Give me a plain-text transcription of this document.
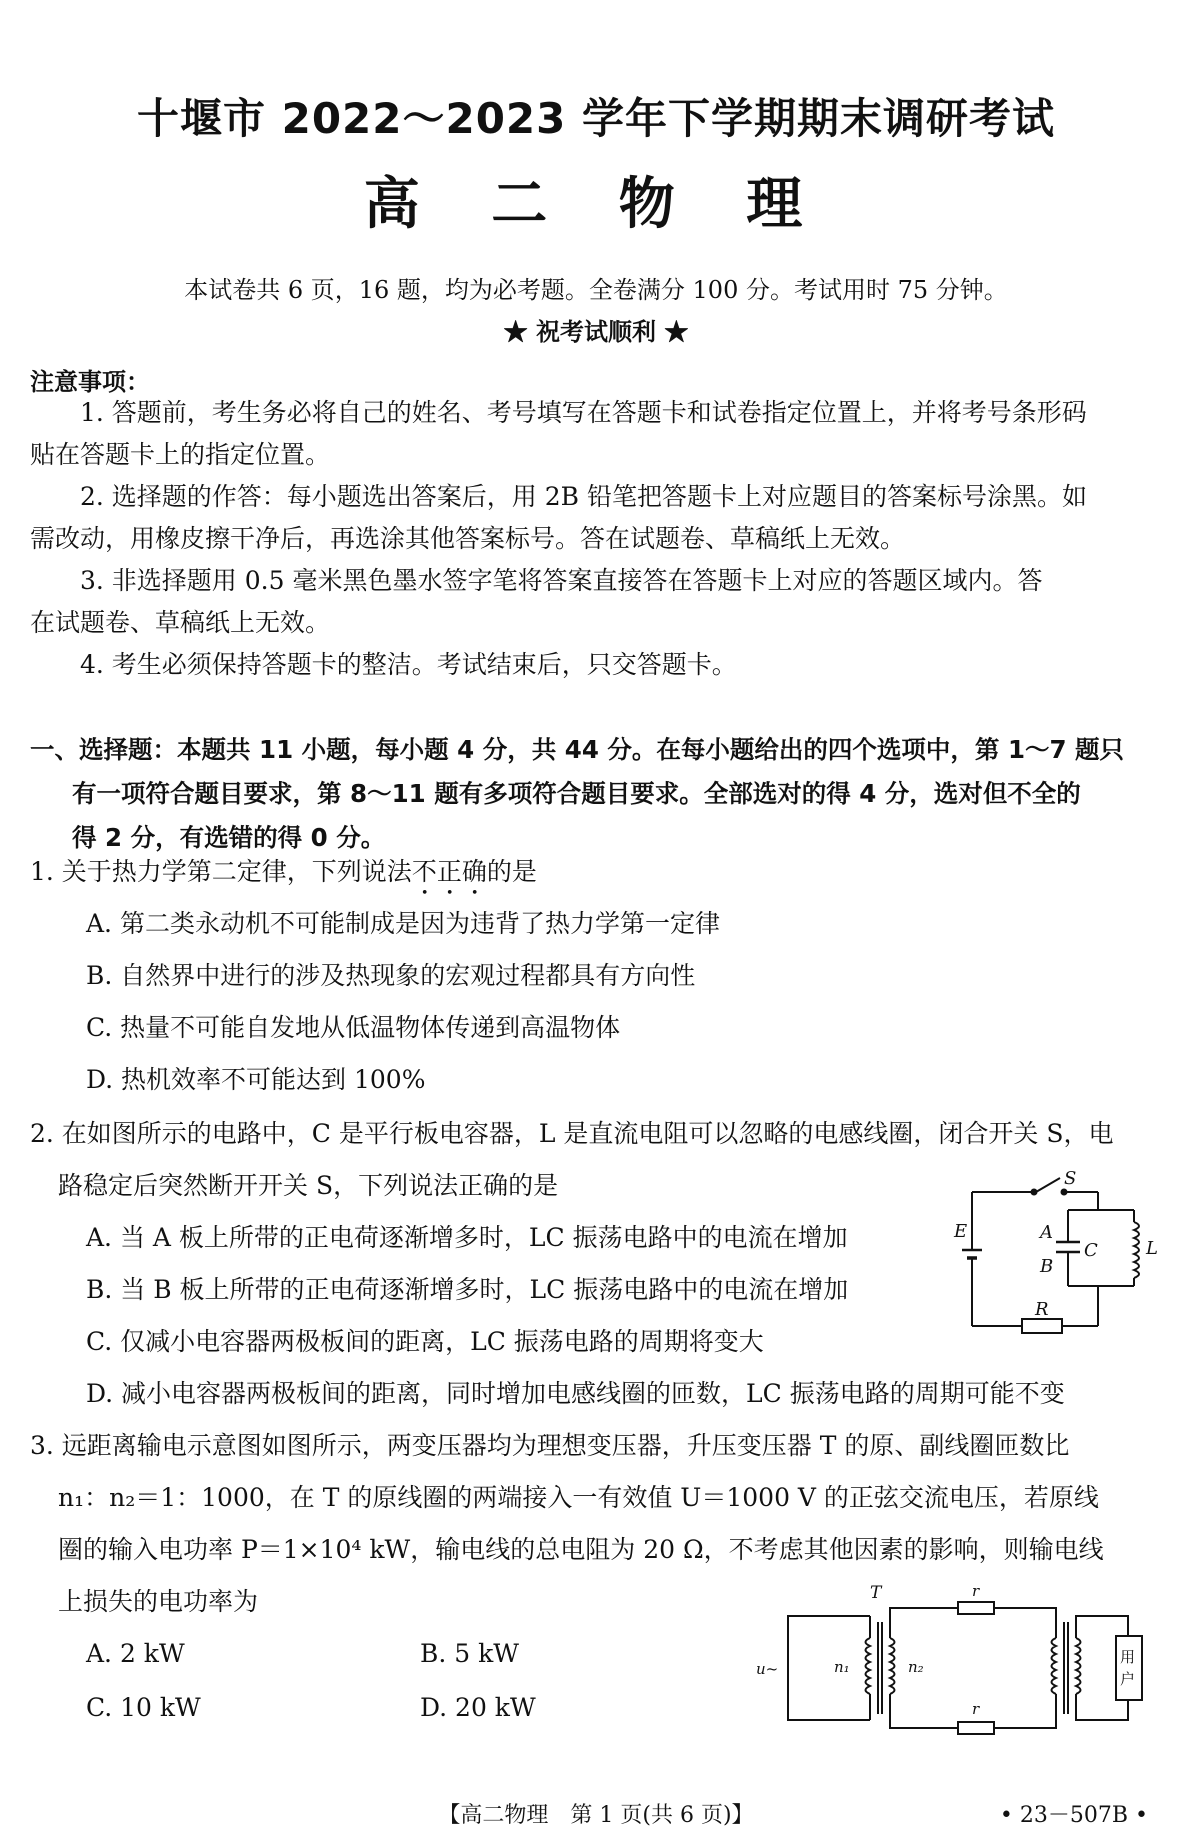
十堰市 2022～2023 学年下学期期末调研考试
高 二 物 理
本试卷共 6 页，16 题，均为必考题。全卷满分 100 分。考试用时 75 分钟。
★ 祝考试顺利 ★
注意事项：
1. 答题前，考生务必将自己的姓名、考号填写在答题卡和试卷指定位置上，并将考号条形码
贴在答题卡上的指定位置。
2. 选择题的作答：每小题选出答案后，用 2B 铅笔把答题卡上对应题目的答案标号涂黑。如
需改动，用橡皮擦干净后，再选涂其他答案标号。答在试题卷、草稿纸上无效。
3. 非选择题用 0.5 毫米黑色墨水签字笔将答案直接答在答题卡上对应的答题区域内。答
在试题卷、草稿纸上无效。
4. 考生必须保持答题卡的整洁。考试结束后，只交答题卡。
一、选择题：本题共 11 小题，每小题 4 分，共 44 分。在每小题给出的四个选项中，第 1～7 题只
有一项符合题目要求，第 8～11 题有多项符合题目要求。全部选对的得 4 分，选对但不全的
得 2 分，有选错的得 0 分。
1. 关于热力学第二定律，下列说法不正确的是
A. 第二类永动机不可能制成是因为违背了热力学第一定律
B. 自然界中进行的涉及热现象的宏观过程都具有方向性
C. 热量不可能自发地从低温物体传递到高温物体
D. 热机效率不可能达到 100%
2. 在如图所示的电路中，C 是平行板电容器，L 是直流电阻可以忽略的电感线圈，闭合开关 S，电
路稳定后突然断开开关 S，下列说法正确的是
A. 当 A 板上所带的正电荷逐渐增多时，LC 振荡电路中的电流在增加
B. 当 B 板上所带的正电荷逐渐增多时，LC 振荡电路中的电流在增加
C. 仅减小电容器两极板间的距离，LC 振荡电路的周期将变大
D. 减小电容器两极板间的距离，同时增加电感线圈的匝数，LC 振荡电路的周期可能不变
S
E	A
B
C	L
R
3. 远距离输电示意图如图所示，两变压器均为理想变压器，升压变压器 T 的原、副线圈匝数比
n₁：n₂＝1：1000，在 T 的原线圈的两端接入一有效值 U＝1000 V 的正弦交流电压，若原线
圈的输入电功率 P＝1×10⁴ kW，输电线的总电阻为 20 Ω，不考虑其他因素的影响，则输电线
上损失的电功率为
A. 2 kW	B. 5 kW
C. 10 kW	D. 20 kW
T
u~	n₁	n₂
r
r
用
户
【高二物理　第 1 页(共 6 页)】	• 23－507B •
